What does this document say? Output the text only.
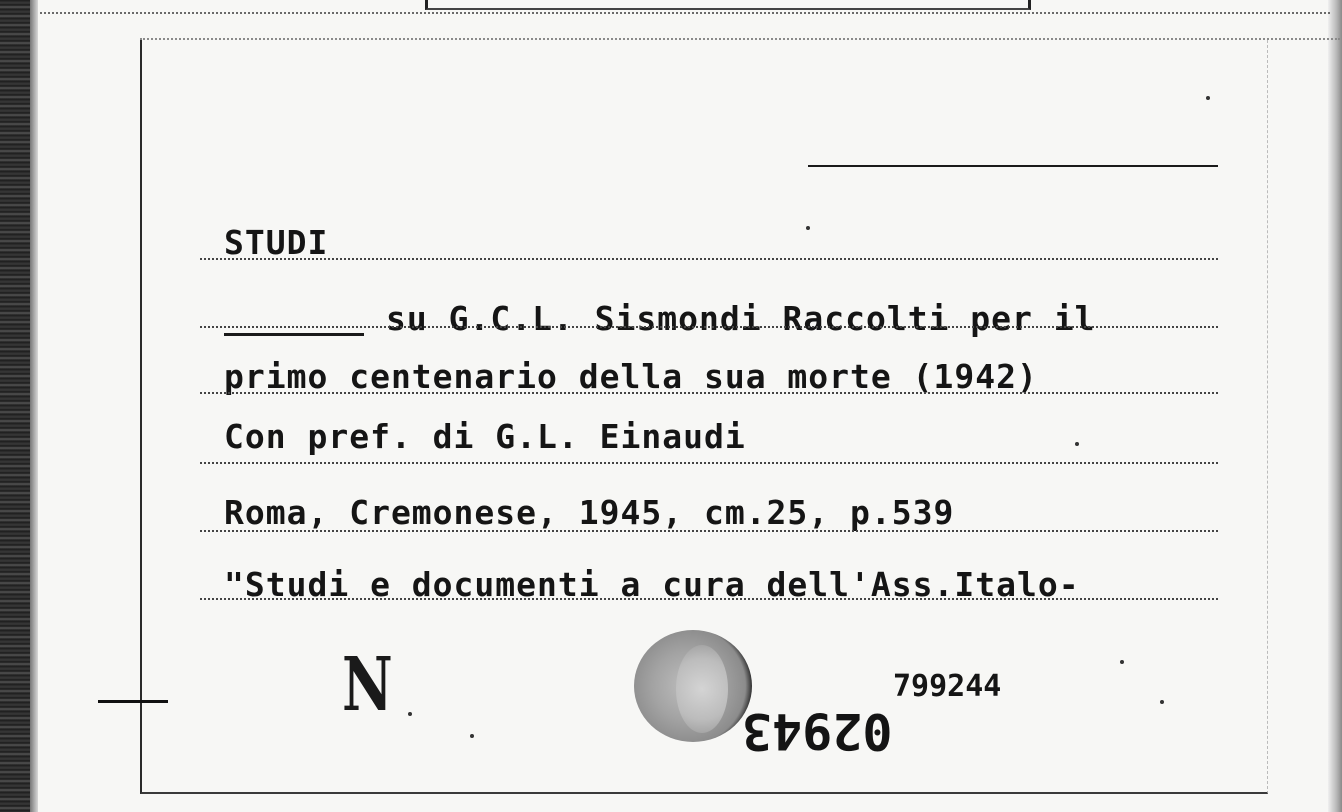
STUDI
su G.C.L. Sismondi Raccolti per il
primo centenario della sua morte (1942)
Con pref. di G.L. Einaudi
Roma, Cremonese, 1945, cm.25, p.539
"Studi e documenti a cura dell'Ass.Italo-
N	799244
02943
